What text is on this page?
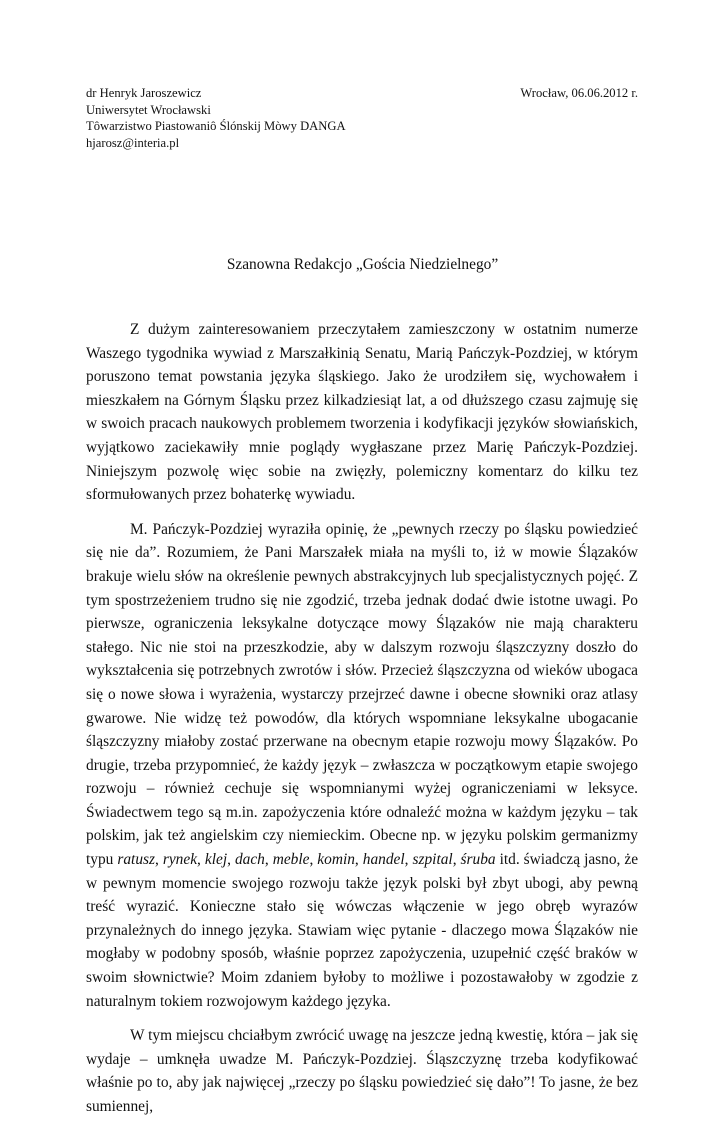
dr Henryk Jaroszewicz
Uniwersytet Wrocławski
Tôwarzistwo Piastowaniô Ślónskij Mòwy DANGA
hjarosz@interia.pl
Wrocław, 06.06.2012 r.
Szanowna Redakcjo „Gościa Niedzielnego”

Z dużym zainteresowaniem przeczytałem zamieszczony w ostatnim numerze Waszego tygodnika wywiad z Marszałkinią Senatu, Marią Pańczyk-Pozdziej, w którym poruszono temat powstania języka śląskiego. Jako że urodziłem się, wychowałem i mieszkałem na Górnym Śląsku przez kilkadziesiąt lat, a od dłuższego czasu zajmuję się w swoich pracach naukowych problemem tworzenia i kodyfikacji języków słowiańskich, wyjątkowo zaciekawiły mnie poglądy wygłaszane przez Marię Pańczyk-Pozdziej. Niniejszym pozwolę więc sobie na zwięzły, polemiczny komentarz do kilku tez sformułowanych przez bohaterkę wywiadu.

M. Pańczyk-Pozdziej wyraziła opinię, że „pewnych rzeczy po śląsku powiedzieć się nie da”. Rozumiem, że Pani Marszałek miała na myśli to, iż w mowie Ślązaków brakuje wielu słów na określenie pewnych abstrakcyjnych lub specjalistycznych pojęć. Z tym spostrzeżeniem trudno się nie zgodzić, trzeba jednak dodać dwie istotne uwagi. Po pierwsze, ograniczenia leksykalne dotyczące mowy Ślązaków nie mają charakteru stałego. Nic nie stoi na przeszkodzie, aby w dalszym rozwoju śląszczyzny doszło do wykształcenia się potrzebnych zwrotów i słów. Przecież śląszczyzna od wieków ubogaca się o nowe słowa i wyrażenia, wystarczy przejrzeć dawne i obecne słowniki oraz atlasy gwarowe. Nie widzę też powodów, dla których wspomniane leksykalne ubogacanie śląszczyzny miałoby zostać przerwane na obecnym etapie rozwoju mowy Ślązaków. Po drugie, trzeba przypomnieć, że każdy język – zwłaszcza w początkowym etapie swojego rozwoju – również cechuje się wspomnianymi wyżej ograniczeniami w leksyce. Świadectwem tego są m.in. zapożyczenia które odnaleźć można w każdym języku – tak polskim, jak też angielskim czy niemieckim. Obecne np. w języku polskim germanizmy typu ratusz, rynek, klej, dach, meble, komin, handel, szpital, śruba itd. świadczą jasno, że w pewnym momencie swojego rozwoju także język polski był zbyt ubogi, aby pewną treść wyrazić. Konieczne stało się wówczas włączenie w jego obręb wyrazów przynależnych do innego języka. Stawiam więc pytanie - dlaczego mowa Ślązaków nie mogłaby w podobny sposób, właśnie poprzez zapożyczenia, uzupełnić część braków w swoim słownictwie? Moim zdaniem byłoby to możliwe i pozostawałoby w zgodzie z naturalnym tokiem rozwojowym każdego języka.

W tym miejscu chciałbym zwrócić uwagę na jeszcze jedną kwestię, która – jak się wydaje – umknęła uwadze M. Pańczyk-Pozdziej. Śląszczyznę trzeba kodyfikować właśnie po to, aby jak najwięcej „rzeczy po śląsku powiedzieć się dało”! To jasne, że bez sumiennej,
